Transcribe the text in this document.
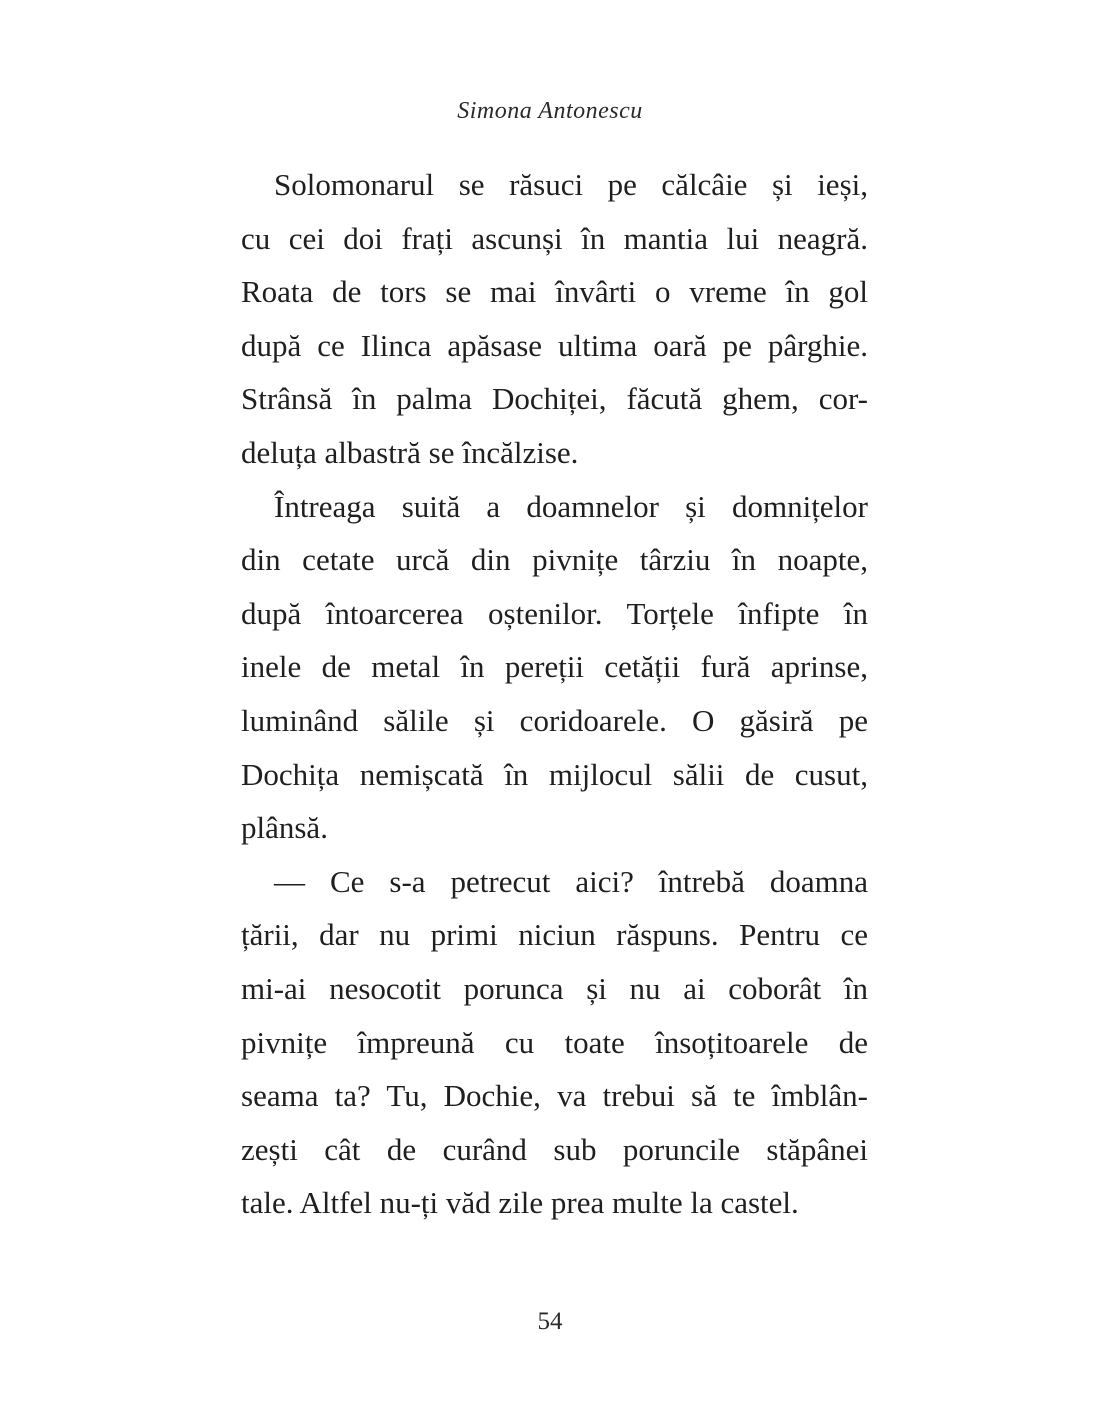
Simona Antonescu
Solomonarul se răsuci pe călcâie și ieși,
cu cei doi frați ascunși în mantia lui neagră.
Roata de tors se mai învârti o vreme în gol
după ce Ilinca apăsase ultima oară pe pârghie.
Strânsă în palma Dochiței, făcută ghem, cor-
deluța albastră se încălzise.
Întreaga suită a doamnelor și domnițelor
din cetate urcă din pivnițe târziu în noapte,
după întoarcerea oștenilor. Torțele înfipte în
inele de metal în pereții cetății fură aprinse,
luminând sălile și coridoarele. O găsiră pe
Dochița nemișcată în mijlocul sălii de cusut,
plânsă.
— Ce s-a petrecut aici? întrebă doamna
țării, dar nu primi niciun răspuns. Pentru ce
mi-ai nesocotit porunca și nu ai coborât în
pivnițe împreună cu toate însoțitoarele de
seama ta? Tu, Dochie, va trebui să te îmblân-
zești cât de curând sub poruncile stăpânei
tale. Altfel nu-ți văd zile prea multe la castel.
54
